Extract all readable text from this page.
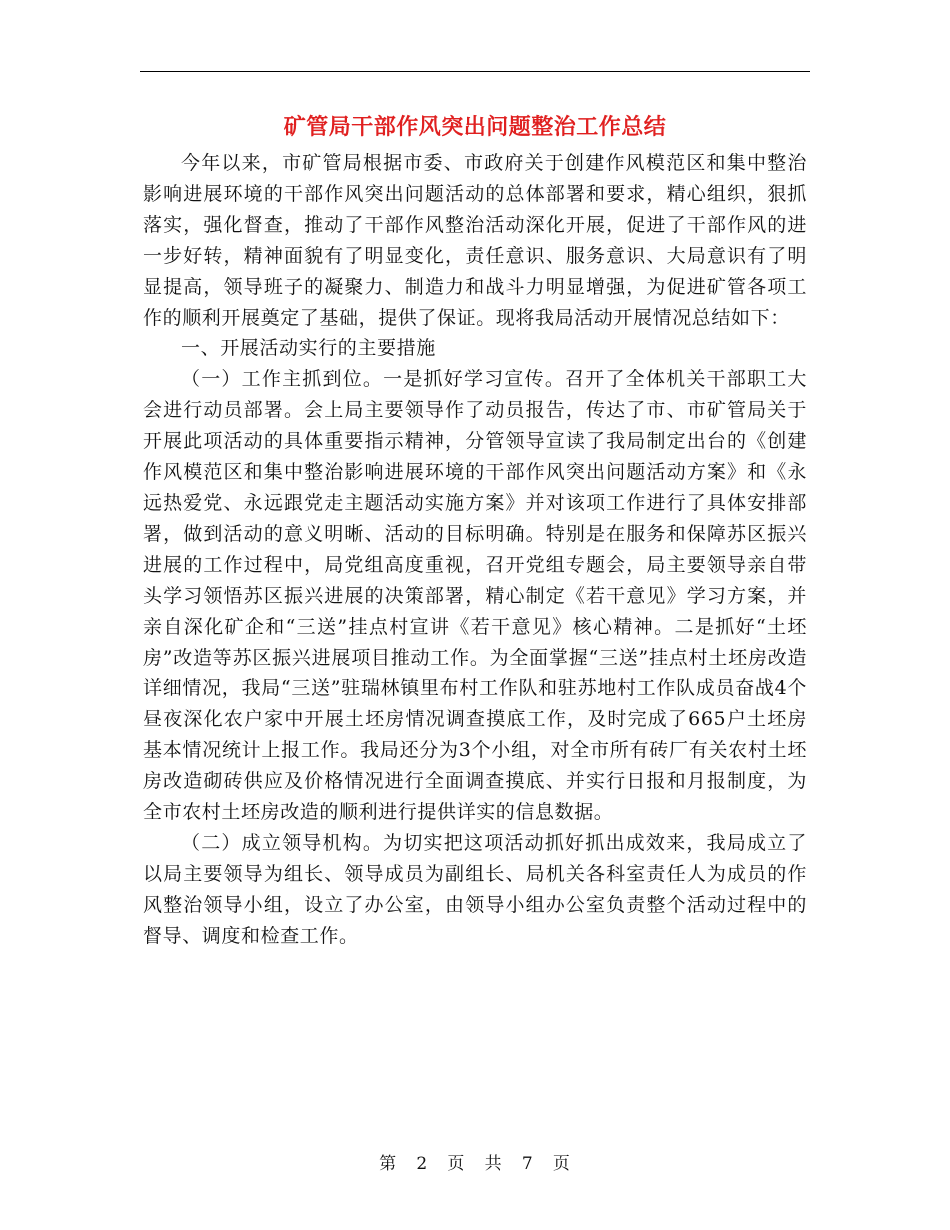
矿管局干部作风突出问题整治工作总结

今年以来，市矿管局根据市委、市政府关于创建作风模范区和集中整治影响进展环境的干部作风突出问题活动的总体部署和要求，精心组织，狠抓落实，强化督查，推动了干部作风整治活动深化开展，促进了干部作风的进一步好转，精神面貌有了明显变化，责任意识、服务意识、大局意识有了明显提高，领导班子的凝聚力、制造力和战斗力明显增强，为促进矿管各项工作的顺利开展奠定了基础，提供了保证。现将我局活动开展情况总结如下：

一、开展活动实行的主要措施

（一）工作主抓到位。一是抓好学习宣传。召开了全体机关干部职工大会进行动员部署。会上局主要领导作了动员报告，传达了市、市矿管局关于开展此项活动的具体重要指示精神，分管领导宣读了我局制定出台的《创建作风模范区和集中整治影响进展环境的干部作风突出问题活动方案》和《永远热爱党、永远跟党走主题活动实施方案》并对该项工作进行了具体安排部署，做到活动的意义明晰、活动的目标明确。特别是在服务和保障苏区振兴进展的工作过程中，局党组高度重视，召开党组专题会，局主要领导亲自带头学习领悟苏区振兴进展的决策部署，精心制定《若干意见》学习方案，并亲自深化矿企和“三送”挂点村宣讲《若干意见》核心精神。二是抓好“土坯房”改造等苏区振兴进展项目推动工作。为全面掌握“三送”挂点村土坯房改造详细情况，我局“三送”驻瑞林镇里布村工作队和驻苏地村工作队成员奋战4个昼夜深化农户家中开展土坯房情况调查摸底工作，及时完成了665户土坯房基本情况统计上报工作。我局还分为3个小组，对全市所有砖厂有关农村土坯房改造砌砖供应及价格情况进行全面调查摸底、并实行日报和月报制度，为全市农村土坯房改造的顺利进行提供详实的信息数据。

（二）成立领导机构。为切实把这项活动抓好抓出成效来，我局成立了以局主要领导为组长、领导成员为副组长、局机关各科室责任人为成员的作风整治领导小组，设立了办公室，由领导小组办公室负责整个活动过程中的督导、调度和检查工作。

第 2 页 共 7 页
